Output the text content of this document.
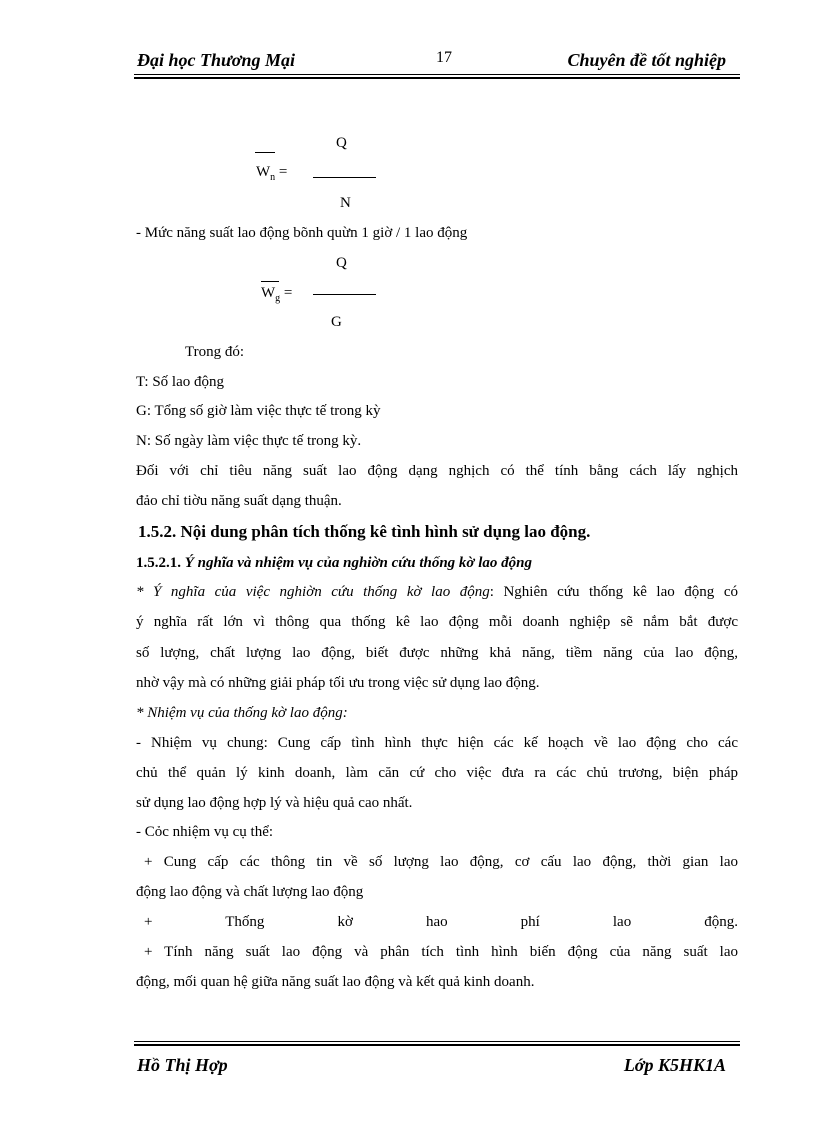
Đại học Thương Mại	17	Chuyên đề tốt nghiệp
$W_n$ =
Q
N
- Mức năng suất lao động bõnh quừn 1 giờ / 1 lao động
$W_g$ =
Q
G
Trong đó:
T: Số lao động
G: Tổng số giờ làm việc thực tế trong kỳ
N: Số ngày làm việc thực tế trong kỳ.
Đối với chỉ tiêu năng suất lao động dạng nghịch có thể tính bằng cách lấy nghịch
đảo chỉ tiờu năng suất dạng thuận.
1.5.2. Nội dung phân tích thống kê tình hình sử dụng lao động.
1.5.2.1. Ý nghĩa và nhiệm vụ của nghiờn cứu thống kờ lao động
* Ý nghĩa của việc nghiờn cứu thống kờ lao động: Nghiên cứu thống kê lao động có
ý nghĩa rất lớn vì thông qua thống kê lao động mỗi doanh nghiệp sẽ nắm bắt được
số lượng, chất lượng lao động, biết được những khả năng, tiềm năng của lao động,
nhờ vậy mà có những giải pháp tối ưu trong việc sử dụng lao động.
* Nhiệm vụ của thống kờ lao động:
- Nhiệm vụ chung: Cung cấp tình hình thực hiện các kế hoạch về lao động cho các
chủ thể quản lý kinh doanh, làm căn cứ cho việc đưa ra các chủ trương, biện pháp
sử dụng lao động hợp lý và hiệu quả cao nhất.
- Cỏc nhiệm vụ cụ thể:
+ Cung cấp các thông tin về số lượng lao động, cơ cấu lao động, thời gian lao
động lao động và chất lượng lao động
+ Thống kờ hao phí lao động.
+ Tính năng suất lao động và phân tích tình hình biến động của năng suất lao
động, mối quan hệ giữa năng suất lao động và kết quả kinh doanh.
Hồ Thị Hợp	Lớp K5HK1A
